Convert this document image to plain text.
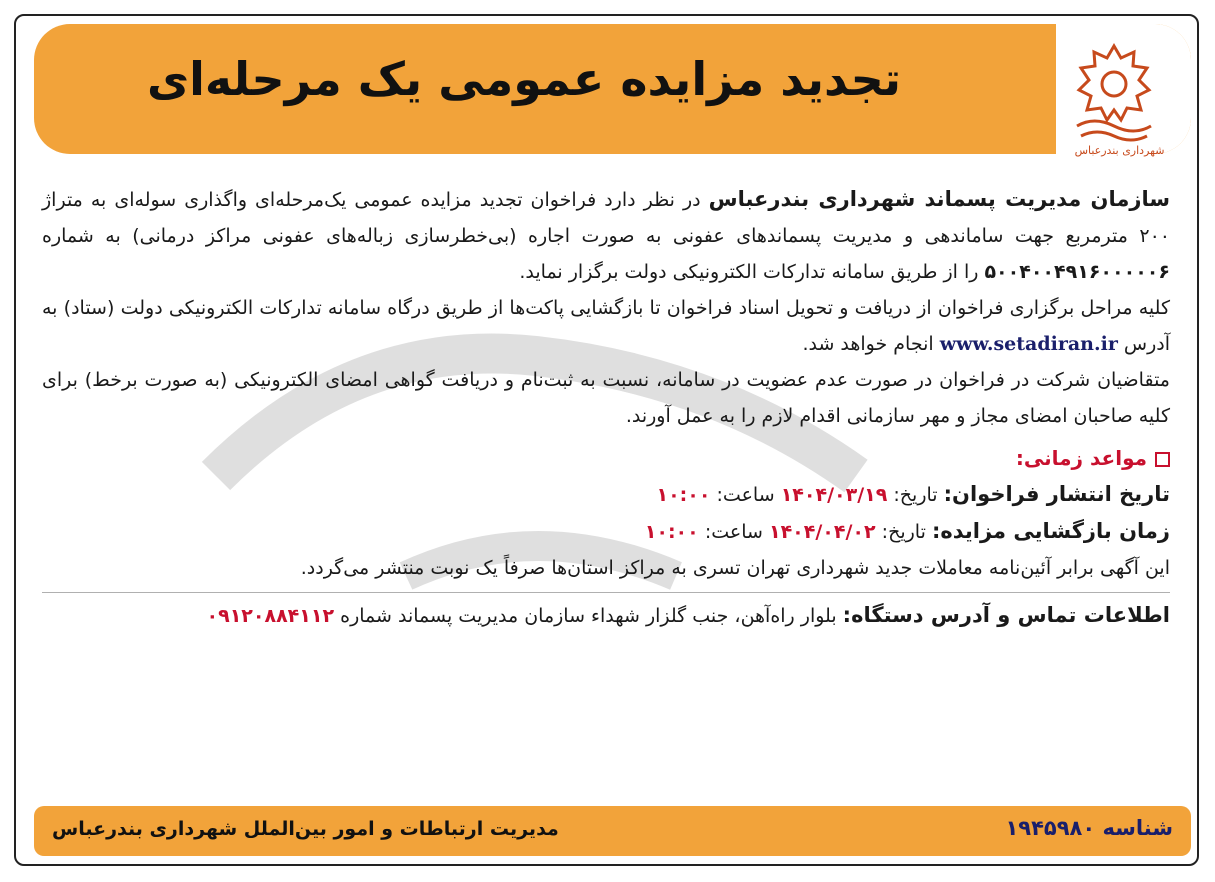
تجدید مزایده عمومی یک مرحله‌ای
شهرداری بندرعباس

سازمان مدیریت پسماند شهرداری بندرعباس در نظر دارد فراخوان تجدید مزایده عمومی یک‌مرحله‌ای واگذاری سوله‌ای به متراژ ۲۰۰ مترمربع جهت ساماندهی و مدیریت پسماندهای عفونی به صورت اجاره (بی‌خطرسازی زباله‌های عفونی مراکز درمانی) به شماره ۵۰۰۴۰۰۴۹۱۶۰۰۰۰۰۶ را از طریق سامانه تدارکات الکترونیکی دولت برگزار نماید.

کلیه مراحل برگزاری فراخوان از دریافت و تحویل اسناد فراخوان تا بازگشایی پاکت‌ها از طریق درگاه سامانه تدارکات الکترونیکی دولت (ستاد) به آدرس www.setadiran.ir انجام خواهد شد.

متقاضیان شرکت در فراخوان در صورت عدم عضویت در سامانه، نسبت به ثبت‌نام و دریافت گواهی امضای الکترونیکی (به صورت برخط) برای کلیه صاحبان امضای مجاز و مهر سازمانی اقدام لازم را به عمل آورند.

مواعد زمانی:

تاریخ انتشار فراخوان: تاریخ: ۱۴۰۴/۰۳/۱۹ ساعت: ۱۰:۰۰

زمان بازگشایی مزایده: تاریخ: ۱۴۰۴/۰۴/۰۲ ساعت: ۱۰:۰۰

این آگهی برابر آئین‌نامه معاملات جدید شهرداری تهران تسری به مراکز استان‌ها صرفاً یک نوبت منتشر می‌گردد.

اطلاعات تماس و آدرس دستگاه: بلوار راه‌آهن، جنب گلزار شهداء سازمان مدیریت پسماند شماره ۰۹۱۲۰۸۸۴۱۱۲

مدیریت ارتباطات و امور بین‌الملل شهرداری بندرعباس	شناسه ۱۹۴۵۹۸۰
